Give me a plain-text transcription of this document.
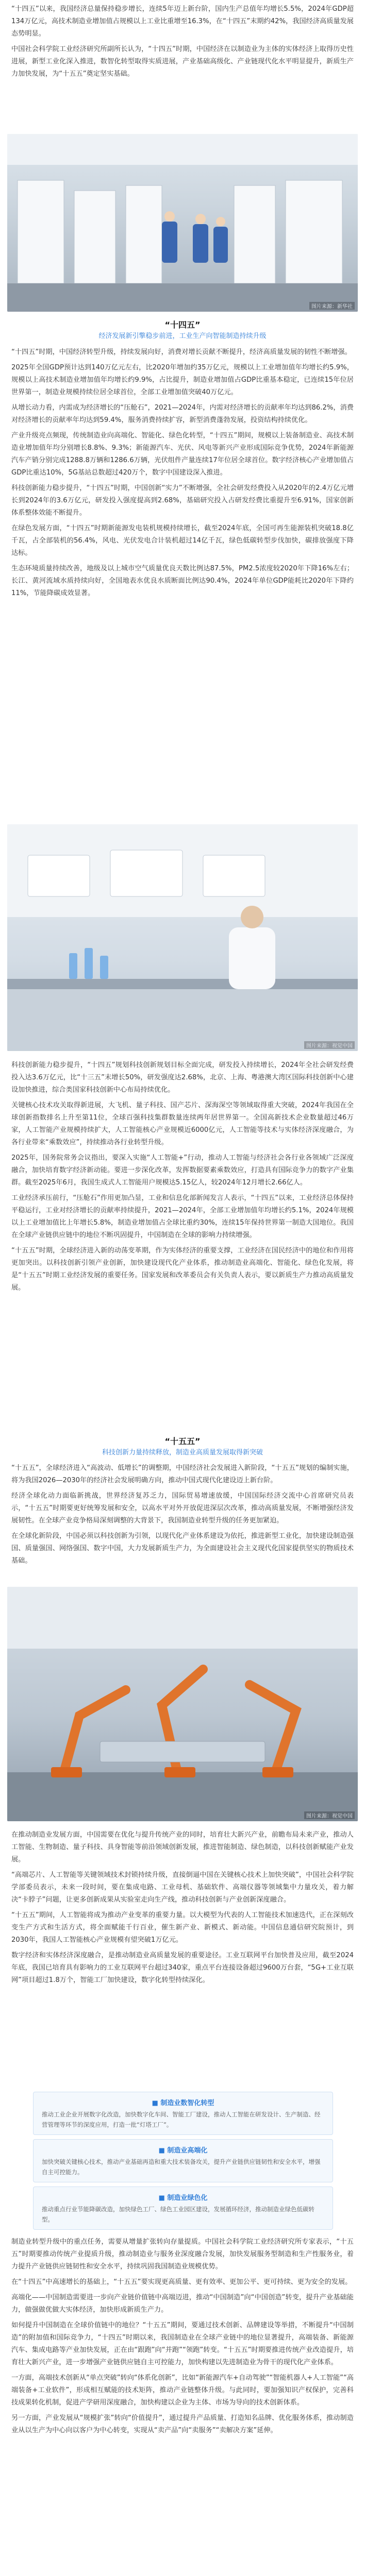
“十四五”以来，我国经济总量保持稳步增长，连续5年迈上新台阶，国内生产总值年均增长5.5%，2024年GDP超134万亿元，高技术制造业增加值占规模以上工业比重增至16.3%，在“十四五”末期约42%，我国经济高质量发展态势明显。

中国社会科学院工业经济研究所副所长认为，“十四五”时期，中国经济在以制造业为主体的实体经济上取得历史性进展，新型工业化深入推进，数智化转型取得实质进展，产业基础高级化、产业链现代化水平明显提升，新质生产力加快发展，为“十五五”奠定坚实基础。

图片来源：新华社
“十四五”
经济发展新引擎稳步前进，工业生产向智能制造持续升级

“十四五”时期，中国经济转型升级，持续发展向好，消费对增长贡献不断提升，经济高质量发展的韧性不断增强。

2025年全国GDP预计达到140万亿元左右，比2020年增加约35万亿元，规模以上工业增加值年均增长约5.9%，规模以上高技术制造业增加值年均增长约9.9%，占比提升，制造业增加值占GDP比重基本稳定，已连续15年位居世界第一，制造业规模持续位居全球首位，全部工业增加值突破40万亿元。

从增长动力看，内需成为经济增长的“压舱石”，2021—2024年，内需对经济增长的贡献率年均达到86.2%，消费对经济增长的贡献率年均达到59.4%，服务消费持续扩容，新型消费蓬勃发展，投资结构持续优化。

产业升级亮点频现，传统制造业向高端化、智能化、绿色化转型，“十四五”期间，规模以上装备制造业、高技术制造业增加值年均分别增长8.8%、9.3%；新能源汽车、光伏、风电等新兴产业形成国际竞争优势，2024年新能源汽车产销分别完成1288.8万辆和1286.6万辆，光伏组件产量连续17年位居全球首位。数字经济核心产业增加值占GDP比重达10%，5G基站总数超过420万个，数字中国建设深入推进。

科技创新能力稳步提升，“十四五”时期，中国创新“实力”不断增强，全社会研发经费投入从2020年的2.4万亿元增长到2024年的3.6万亿元，研发投入强度提高到2.68%，基础研究投入占研发经费比重提升至6.91%，国家创新体系整体效能不断提升。

在绿色发展方面，“十四五”时期新能源发电装机规模持续增长，截至2024年底，全国可再生能源装机突破18.8亿千瓦，占全部装机的56.4%，风电、光伏发电合计装机超过14亿千瓦，绿色低碳转型步伐加快，碳排放强度下降达标。

生态环境质量持续改善，地级及以上城市空气质量优良天数比例达87.5%，PM2.5浓度较2020年下降16%左右；长江、黄河流域水质持续向好，全国地表水优良水质断面比例达90.4%，2024年单位GDP能耗比2020年下降约11%，节能降碳成效显著。

图片来源：视觉中国

科技创新能力稳步提升，“十四五”规划科技创新规划目标全面完成，研发投入持续增长，2024年全社会研发经费投入达3.6万亿元，比“十三五”末增长50%，研发强度达2.68%，北京、上海、粤港澳大湾区国际科技创新中心建设加快推进，综合类国家科技创新中心布局持续优化。

关键核心技术攻关取得新进展，大飞机、量子科技、国产芯片、深海深空等领域取得重大突破，2024年我国在全球创新指数排名上升至第11位，全球百强科技集群数量连续两年居世界第一。全国高新技术企业数量超过46万家，人工智能产业规模持续扩大，人工智能核心产业规模近6000亿元，人工智能等技术与实体经济深度融合，为各行业带来“乘数效应”，持续推动各行业转型升级。

2025年，国务院常务会议指出，要深入实施“人工智能+”行动，推动人工智能与经济社会各行业各领域广泛深度融合，加快培育数字经济新动能。要进一步深化改革，发挥数据要素乘数效应，打造具有国际竞争力的数字产业集群。截至2025年6月，我国生成式人工智能用户规模达5.15亿人，较2024年12月增长2.66亿人。

工业经济承压前行，“压舱石”作用更加凸显，工业和信息化部新闻发言人表示，“十四五”以来，工业经济总体保持平稳运行，工业对经济增长的贡献率持续提升，2021—2024年，全部工业增加值年均增长约5.1%，2024年规模以上工业增加值比上年增长5.8%，制造业增加值占全球比重约30%，连续15年保持世界第一制造大国地位。我国在全球产业链供应链中的地位不断巩固提升，中国制造在全球的影响力持续增强。

“十五五”时期，全球经济进入新的动荡变革期，作为实体经济的重要支撑，工业经济在国民经济中的地位和作用将更加突出。以科技创新引领产业创新，加快建设现代化产业体系，推动制造业高端化、智能化、绿色化发展，将是“十五五”时期工业经济发展的重要任务。国家发展和改革委员会有关负责人表示，要以新质生产力推动高质量发展。

“十五五”
科技创新力量持续释放，制造业高质量发展取得新突破

“十五五”，全球经济进入“高波动、低增长”的调整期，中国经济社会发展进入新阶段，“十五五”规划的编制实施，将为我国2026—2030年的经济社会发展明确方向，推动中国式现代化建设迈上新台阶。

经济全球化动力面临新挑战，世界经济复苏乏力，国际贸易增速放缓，中国国际经济交流中心首席研究员表示，“十五五”时期要更好统筹发展和安全，以高水平对外开放促进深层次改革，推动高质量发展，不断增强经济发展韧性。在全球产业竞争格局深刻调整的大背景下，我国制造业转型升级的任务更加紧迫。

在全球化新阶段，中国必须以科技创新为引领，以现代化产业体系建设为依托，推进新型工业化，加快建设制造强国、质量强国、网络强国、数字中国，大力发展新质生产力，为全面建设社会主义现代化国家提供坚实的物质技术基础。

图片来源：视觉中国

在推动制造业发展方面，中国需要在优化与提升传统产业的同时，培育壮大新兴产业，前瞻布局未来产业，推动人工智能、生物制造、量子科技、具身智能等前沿领域创新发展，推进智能制造、绿色制造，以科技创新赋能产业发展。

“高端芯片、人工智能等关键领域技术封锁持续升级，直接倒逼中国在关键核心技术上加快突破”，中国社会科学院学部委员表示，未来一段时间，要在集成电路、工业母机、基础软件、高端仪器等领域集中力量攻关，着力解决“卡脖子”问题，让更多创新成果从实验室走向生产线，推动科技创新与产业创新深度融合。

“十五五”期间，人工智能将成为推动产业变革的重要力量。以大模型为代表的人工智能技术加速迭代，正在深刻改变生产方式和生活方式，将全面赋能千行百业，催生新产业、新模式、新动能。中国信息通信研究院预计，到2030年，我国人工智能核心产业规模有望突破1万亿元。

数字经济和实体经济深度融合，是推动制造业高质量发展的重要途径。工业互联网平台加快普及应用，截至2024年底，我国已培育具有影响力的工业互联网平台超过340家，重点平台连接设备超过9600万台套，“5G+工业互联网”项目超过1.8万个，智能工厂加快建设，数字化转型持续深化。

■ 制造业数智化转型
推动工业企业开展数字化改造，加快数字化车间、智能工厂建设，推动人工智能在研发设计、生产制造、经营管理等环节的深度应用，打造一批“灯塔工厂”。
■ 制造业高端化
加快突破关键核心技术，推动产业基础再造和重大技术装备攻关，提升产业链供应链韧性和安全水平，增强自主可控能力。
■ 制造业绿色化
推动重点行业节能降碳改造，加快绿色工厂、绿色工业园区建设，发展循环经济，推动制造业绿色低碳转型。

制造业转型升级中的重点任务，需要从增量扩张转向存量提质。中国社会科学院工业经济研究所专家表示，“十五五”时期要推动传统产业提质升级，推动制造业与服务业深度融合发展，加快发展服务型制造和生产性服务业，着力提升产业链供应链韧性和安全水平，持续巩固我国制造业规模优势。

在“十四五”中高速增长的基础上，“十五五”要实现更高质量、更有效率、更加公平、更可持续、更为安全的发展。

高端化——中国制造需要进一步向产业链价值链中高端迈进，推动“中国制造”向“中国创造”转变，提升产业基础能力，做强做优做大实体经济，加快形成新质生产力。

如何提升中国制造在全球价值链中的地位？“十五五”期间，要通过技术创新、品牌建设等举措，不断提升“中国制造”的附加值和国际竞争力，“十四五”时期以来，我国制造业在全球产业链中的地位显著提升，高端装备、新能源汽车、集成电路等产业加快发展，正在由“跟跑”向“并跑”“领跑”转变。“十五五”时期要推进传统产业改造提升，培育壮大新兴产业，进一步增强产业链供应链自主可控能力，加快构建以先进制造业为骨干的现代化产业体系。

一方面，高端技术创新从“单点突破”转向“体系化创新”，比如“新能源汽车+自动驾驶”“智能机器人+人工智能”“高端装备+工业软件”，形成相互赋能的技术矩阵，推动产业链整体升级。与此同时，要加强知识产权保护，完善科技成果转化机制，促进产学研用深度融合，加快构建以企业为主体、市场为导向的技术创新体系。

另一方面，产业发展从“规模扩张”转向“价值提升”，通过提升产品质量、打造知名品牌、优化服务体系，推动制造业从以生产为中心向以客户为中心转变，实现从“卖产品”向“卖服务”“卖解决方案”延伸。
